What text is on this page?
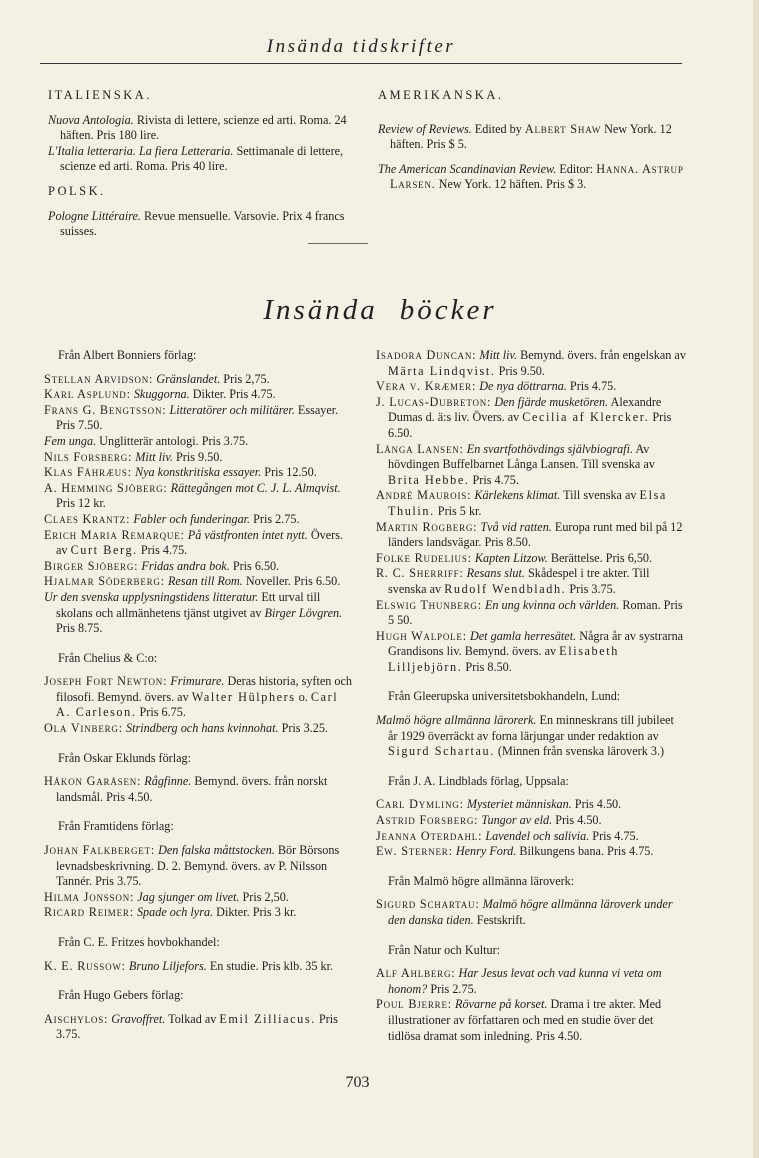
Insända tidskrifter
ITALIENSKA.

Nuova Antologia. Rivista di lettere, scienze ed arti. Roma. 24 häften. Pris 180 lire.

L'Italia letteraria. La fiera Letteraria. Settimanale di lettere, scienze ed arti. Roma. Pris 40 lire.

POLSK.

Pologne Littéraire. Revue mensuelle. Varsovie. Prix 4 francs suisses.

AMERIKANSKA.

Review of Reviews. Edited by Albert Shaw New York. 12 häften. Pris $ 5.

The American Scandinavian Review. Editor: Hanna. Astrup Larsen. New York. 12 häften. Pris $ 3.

Insända böcker
Från Albert Bonniers förlag:

Stellan Arvidson: Gränslandet. Pris 2,75.

Karl Asplund: Skuggorna. Dikter. Pris 4.75.

Frans G. Bengtsson: Litteratörer och militärer. Essayer. Pris 7.50.

Fem unga. Unglitterär antologi. Pris 3.75.

Nils Forsberg: Mitt liv. Pris 9.50.

Klas Fåhræus: Nya konstkritiska essayer. Pris 12.50.

A. Hemming Sjöberg: Rättegången mot C. J. L. Almqvist. Pris 12 kr.

Claes Krantz: Fabler och funderingar. Pris 2.75.

Erich Maria Remarque: På västfronten intet nytt. Övers. av Curt Berg. Pris 4.75.

Birger Sjöberg: Fridas andra bok. Pris 6.50.

Hjalmar Söderberg: Resan till Rom. Noveller. Pris 6.50.

Ur den svenska upplysningstidens litteratur. Ett urval till skolans och allmänhetens tjänst utgivet av Birger Lövgren. Pris 8.75.

Från Chelius & C:o:

Joseph Fort Newton: Frimurare. Deras historia, syften och filosofi. Bemynd. övers. av Walter Hülphers o. Carl A. Carleson. Pris 6.75.

Ola Vinberg: Strindberg och hans kvinnohat. Pris 3.25.

Från Oskar Eklunds förlag:

Håkon Garåsen: Rågfinne. Bemynd. övers. från norskt landsmål. Pris 4.50.

Från Framtidens förlag:

Johan Falkberget: Den falska måttstocken. Bör Börsons levnadsbeskrivning. D. 2. Bemynd. övers. av P. Nilsson Tannér. Pris 3.75.

Hilma Jonsson: Jag sjunger om livet. Pris 2,50.

Ricard Reimer: Spade och lyra. Dikter. Pris 3 kr.

Från C. E. Fritzes hovbokhandel:

K. E. Russow: Bruno Liljefors. En studie. Pris klb. 35 kr.

Från Hugo Gebers förlag:

Aischylos: Gravoffret. Tolkad av Emil Zilliacus. Pris 3.75.

Isadora Duncan: Mitt liv. Bemynd. övers. från engelskan av Märta Lindqvist. Pris 9.50.

Vera v. Kræmer: De nya döttrarna. Pris 4.75.

J. Lucas-Dubreton: Den fjärde musketören. Alexandre Dumas d. ä:s liv. Övers. av Cecilia af Klercker. Pris 6.50.

Långa Lansen: En svartfothövdings självbiografi. Av hövdingen Buffelbarnet Långa Lansen. Till svenska av Brita Hebbe. Pris 4.75.

André Maurois: Kärlekens klimat. Till svenska av Elsa Thulin. Pris 5 kr.

Martin Rogberg: Två vid ratten. Europa runt med bil på 12 länders landsvägar. Pris 8.50.

Folke Rudelius: Kapten Litzow. Berättelse. Pris 6,50.

R. C. Sherriff: Resans slut. Skådespel i tre akter. Till svenska av Rudolf Wendbladh. Pris 3.75.

Elswig Thunberg: En ung kvinna och världen. Roman. Pris 5 50.

Hugh Walpole: Det gamla herresätet. Några år av systrarna Grandisons liv. Bemynd. övers. av Elisabeth Lilljebjörn. Pris 8.50.

Från Gleerupska universitetsbokhandeln, Lund:

Malmö högre allmänna lärorerk. En minneskrans till jubileet år 1929 överräckt av forna lärjungar under redaktion av Sigurd Schartau. (Minnen från svenska läroverk 3.)

Från J. A. Lindblads förlag, Uppsala:

Carl Dymling: Mysteriet människan. Pris 4.50.

Astrid Forsberg: Tungor av eld. Pris 4.50.

Jeanna Oterdahl: Lavendel och salivia. Pris 4.75.

Ew. Sterner: Henry Ford. Bilkungens bana. Pris 4.75.

Från Malmö högre allmänna läroverk:

Sigurd Schartau: Malmö högre allmänna läroverk under den danska tiden. Festskrift.

Från Natur och Kultur:

Alf Ahlberg: Har Jesus levat och vad kunna vi veta om honom? Pris 2.75.

Poul Bjerre: Rövarne på korset. Drama i tre akter. Med illustrationer av författaren och med en studie över det tidlösa dramat som inledning. Pris 4.50.

703
